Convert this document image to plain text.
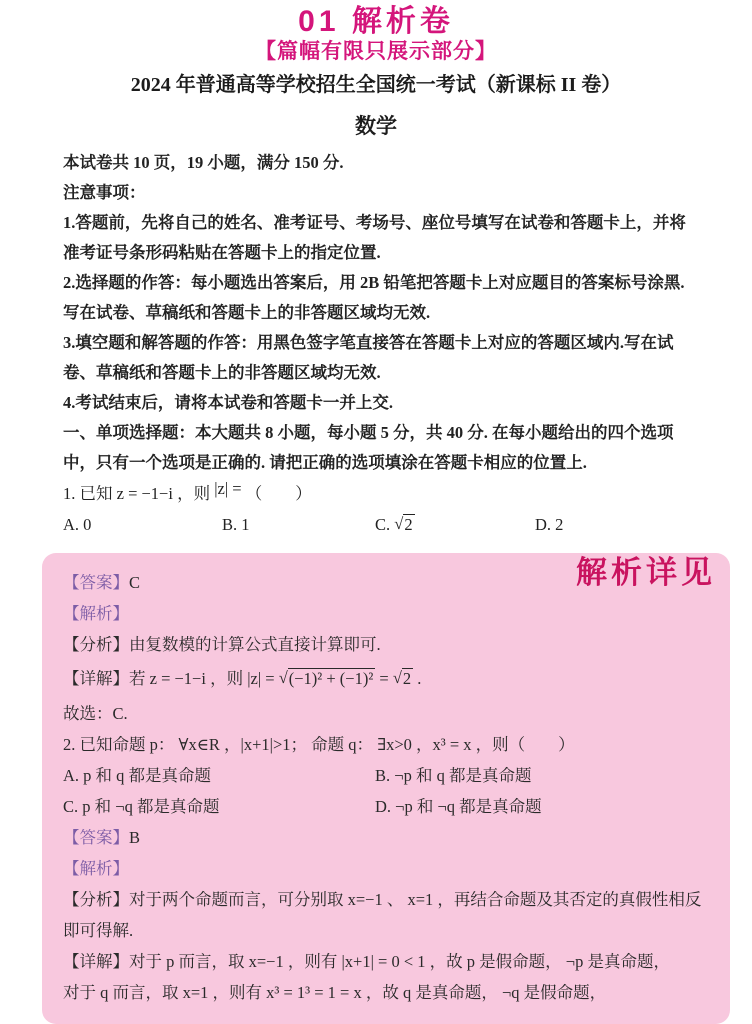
01 解析卷
【篇幅有限只展示部分】
2024 年普通高等学校招生全国统一考试（新课标 II 卷）
数学

本试卷共 10 页，19 小题，满分 150 分.

注意事项：

1.答题前，先将自己的姓名、准考证号、考场号、座位号填写在试卷和答题卡上，并将准考证号条形码粘贴在答题卡上的指定位置.

2.选择题的作答：每小题选出答案后，用 2B 铅笔把答题卡上对应题目的答案标号涂黑.写在试卷、草稿纸和答题卡上的非答题区域均无效.

3.填空题和解答题的作答：用黑色签字笔直接答在答题卡上对应的答题区域内.写在试卷、草稿纸和答题卡上的非答题区域均无效.

4.考试结束后，请将本试卷和答题卡一并上交.

一、单项选择题：本大题共 8 小题，每小题 5 分，共 40 分. 在每小题给出的四个选项中，只有一个选项是正确的. 请把正确的选项填涂在答题卡相应的位置上.

1. 已知 z = −1−i ，则 |z| = （　　）

A. 0	B. 1	C. √2	D. 2
解析详见

【答案】C

【解析】

【分析】由复数模的计算公式直接计算即可.

【详解】若 z = −1−i ，则 |z| = √(−1)² + (−1)² = √2 .

故选：C.

2. 已知命题 p： ∀x∈R ，|x+1|>1； 命题 q： ∃x>0 ，x³ = x ，则（　　）

A. p 和 q 都是真命题	B. ¬p 和 q 都是真命题
C. p 和 ¬q 都是真命题	D. ¬p 和 ¬q 都是真命题

【答案】B

【解析】

【分析】对于两个命题而言，可分别取 x=−1 、 x=1 ，再结合命题及其否定的真假性相反即可得解.

【详解】对于 p 而言，取 x=−1 ，则有 |x+1| = 0 < 1 ，故 p 是假命题， ¬p 是真命题，

对于 q 而言，取 x=1 ，则有 x³ = 1³ = 1 = x ，故 q 是真命题， ¬q 是假命题，
